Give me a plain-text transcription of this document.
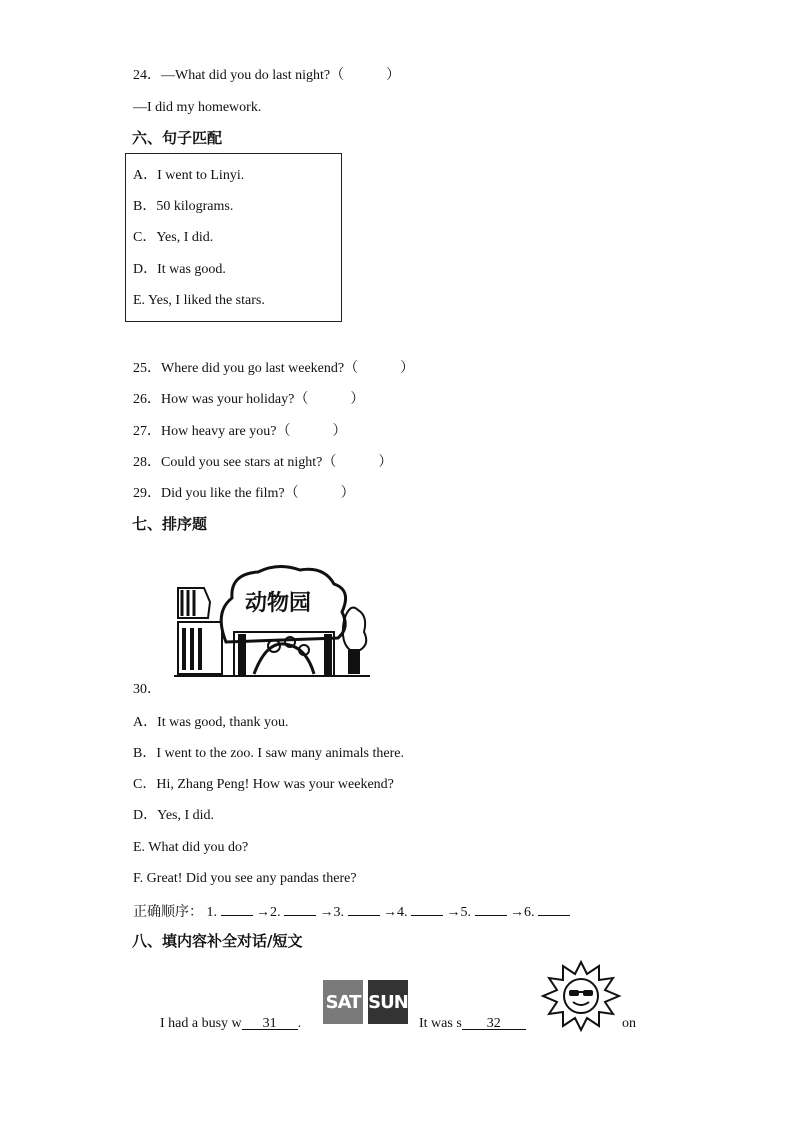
24．—What did you do last night?（　　　）
—I did my homework.
六、句子匹配
A．I went to Linyi.
B．50 kilograms.
C．Yes, I did.
D．It was good.
E. Yes, I liked the stars.
25．Where did you go last weekend?（　　　）
26．How was your holiday?（　　　）
27．How heavy are you?（　　　）
28．Could you see stars at night?（　　　）
29．Did you like the film?（　　　）
七、排序题
动物园
30．
A．It was good, thank you.
B．I went to the zoo. I saw many animals there.
C．Hi, Zhang Peng! How was your weekend?
D．Yes, I did.
E. What did you do?
F. Great! Did you see any pandas there?
正确顺序： 1.	→2.	→3.	→4.	→5.	→6.
八、填内容补全对话/短文
I had a busy w 31 .
SAT SUN
It was s 32	on
